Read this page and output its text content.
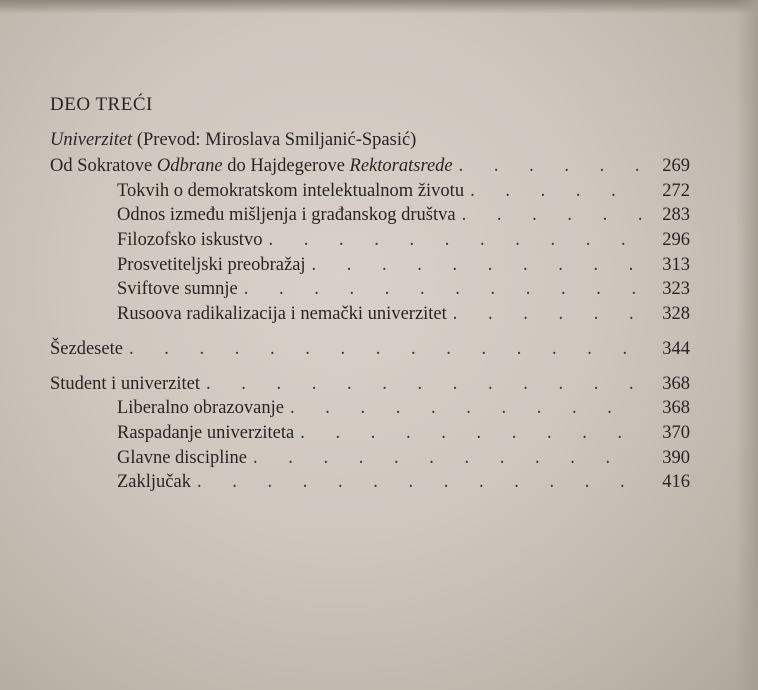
DEO TREĆI
Univerzitet (Prevod: Miroslava Smiljanić-Spasić)
Od Sokratove Odbrane do Hajdegerove Rektoratsrede . . .	269
Tokvih o demokratskom intelektualnom životu . . .	272
Odnos između mišljenja i građanskog društva . . .	283
Filozofsko iskustvo . . .	296
Prosvetiteljski preobražaj . . .	313
Sviftove sumnje . . .	323
Rusoova radikalizacija i nemački univerzitet . . .	328
Šezdesete . . .	344
Student i univerzitet . . .	368
Liberalno obrazovanje . . .	368
Raspadanje univerziteta . . .	370
Glavne discipline . . .	390
Zaključak . . .	416
